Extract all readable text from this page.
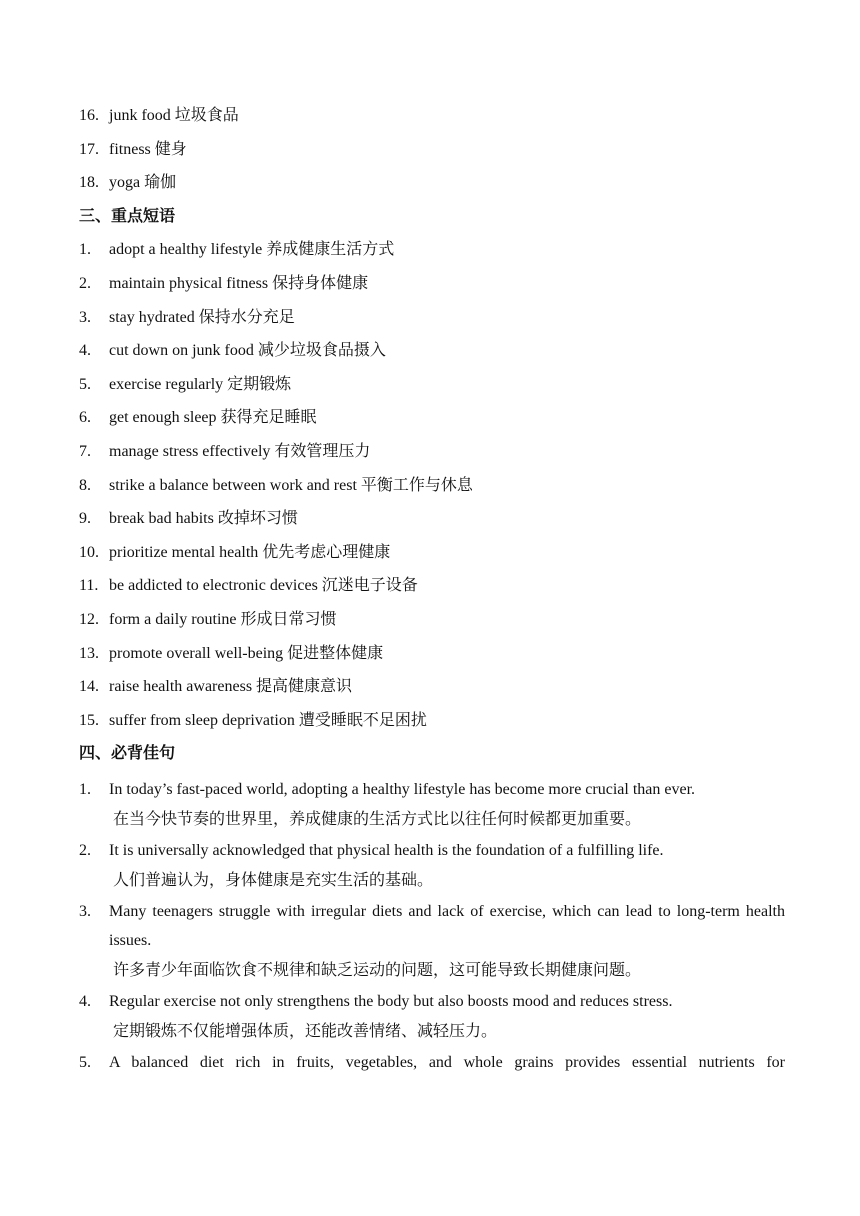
16. junk food 垃圾食品
17. fitness 健身
18. yoga 瑜伽
三、重点短语
1.	adopt a healthy lifestyle 养成健康生活方式
2.	maintain physical fitness 保持身体健康
3.	stay hydrated 保持水分充足
4.	cut down on junk food 减少垃圾食品摄入
5.	exercise regularly 定期锻炼
6.	get enough sleep 获得充足睡眠
7.	manage stress effectively 有效管理压力
8.	strike a balance between work and rest 平衡工作与休息
9.	break bad habits 改掉坏习惯
10. prioritize mental health 优先考虑心理健康
11. be addicted to electronic devices 沉迷电子设备
12. form a daily routine 形成日常习惯
13. promote overall well-being 促进整体健康
14. raise health awareness 提高健康意识
15. suffer from sleep deprivation 遭受睡眠不足困扰
四、必背佳句
1.	In today’s fast-paced world, adopting a healthy lifestyle has become more crucial than ever.
在当今快节奏的世界里，养成健康的生活方式比以往任何时候都更加重要。
2.	It is universally acknowledged that physical health is the foundation of a fulfilling life.
人们普遍认为，身体健康是充实生活的基础。
3.	Many teenagers struggle with irregular diets and lack of exercise, which can lead to long-term health issues.
许多青少年面临饮食不规律和缺乏运动的问题，这可能导致长期健康问题。
4.	Regular exercise not only strengthens the body but also boosts mood and reduces stress.
定期锻炼不仅能增强体质，还能改善情绪、减轻压力。
5.	A balanced diet rich in fruits, vegetables, and whole grains provides essential nutrients for
